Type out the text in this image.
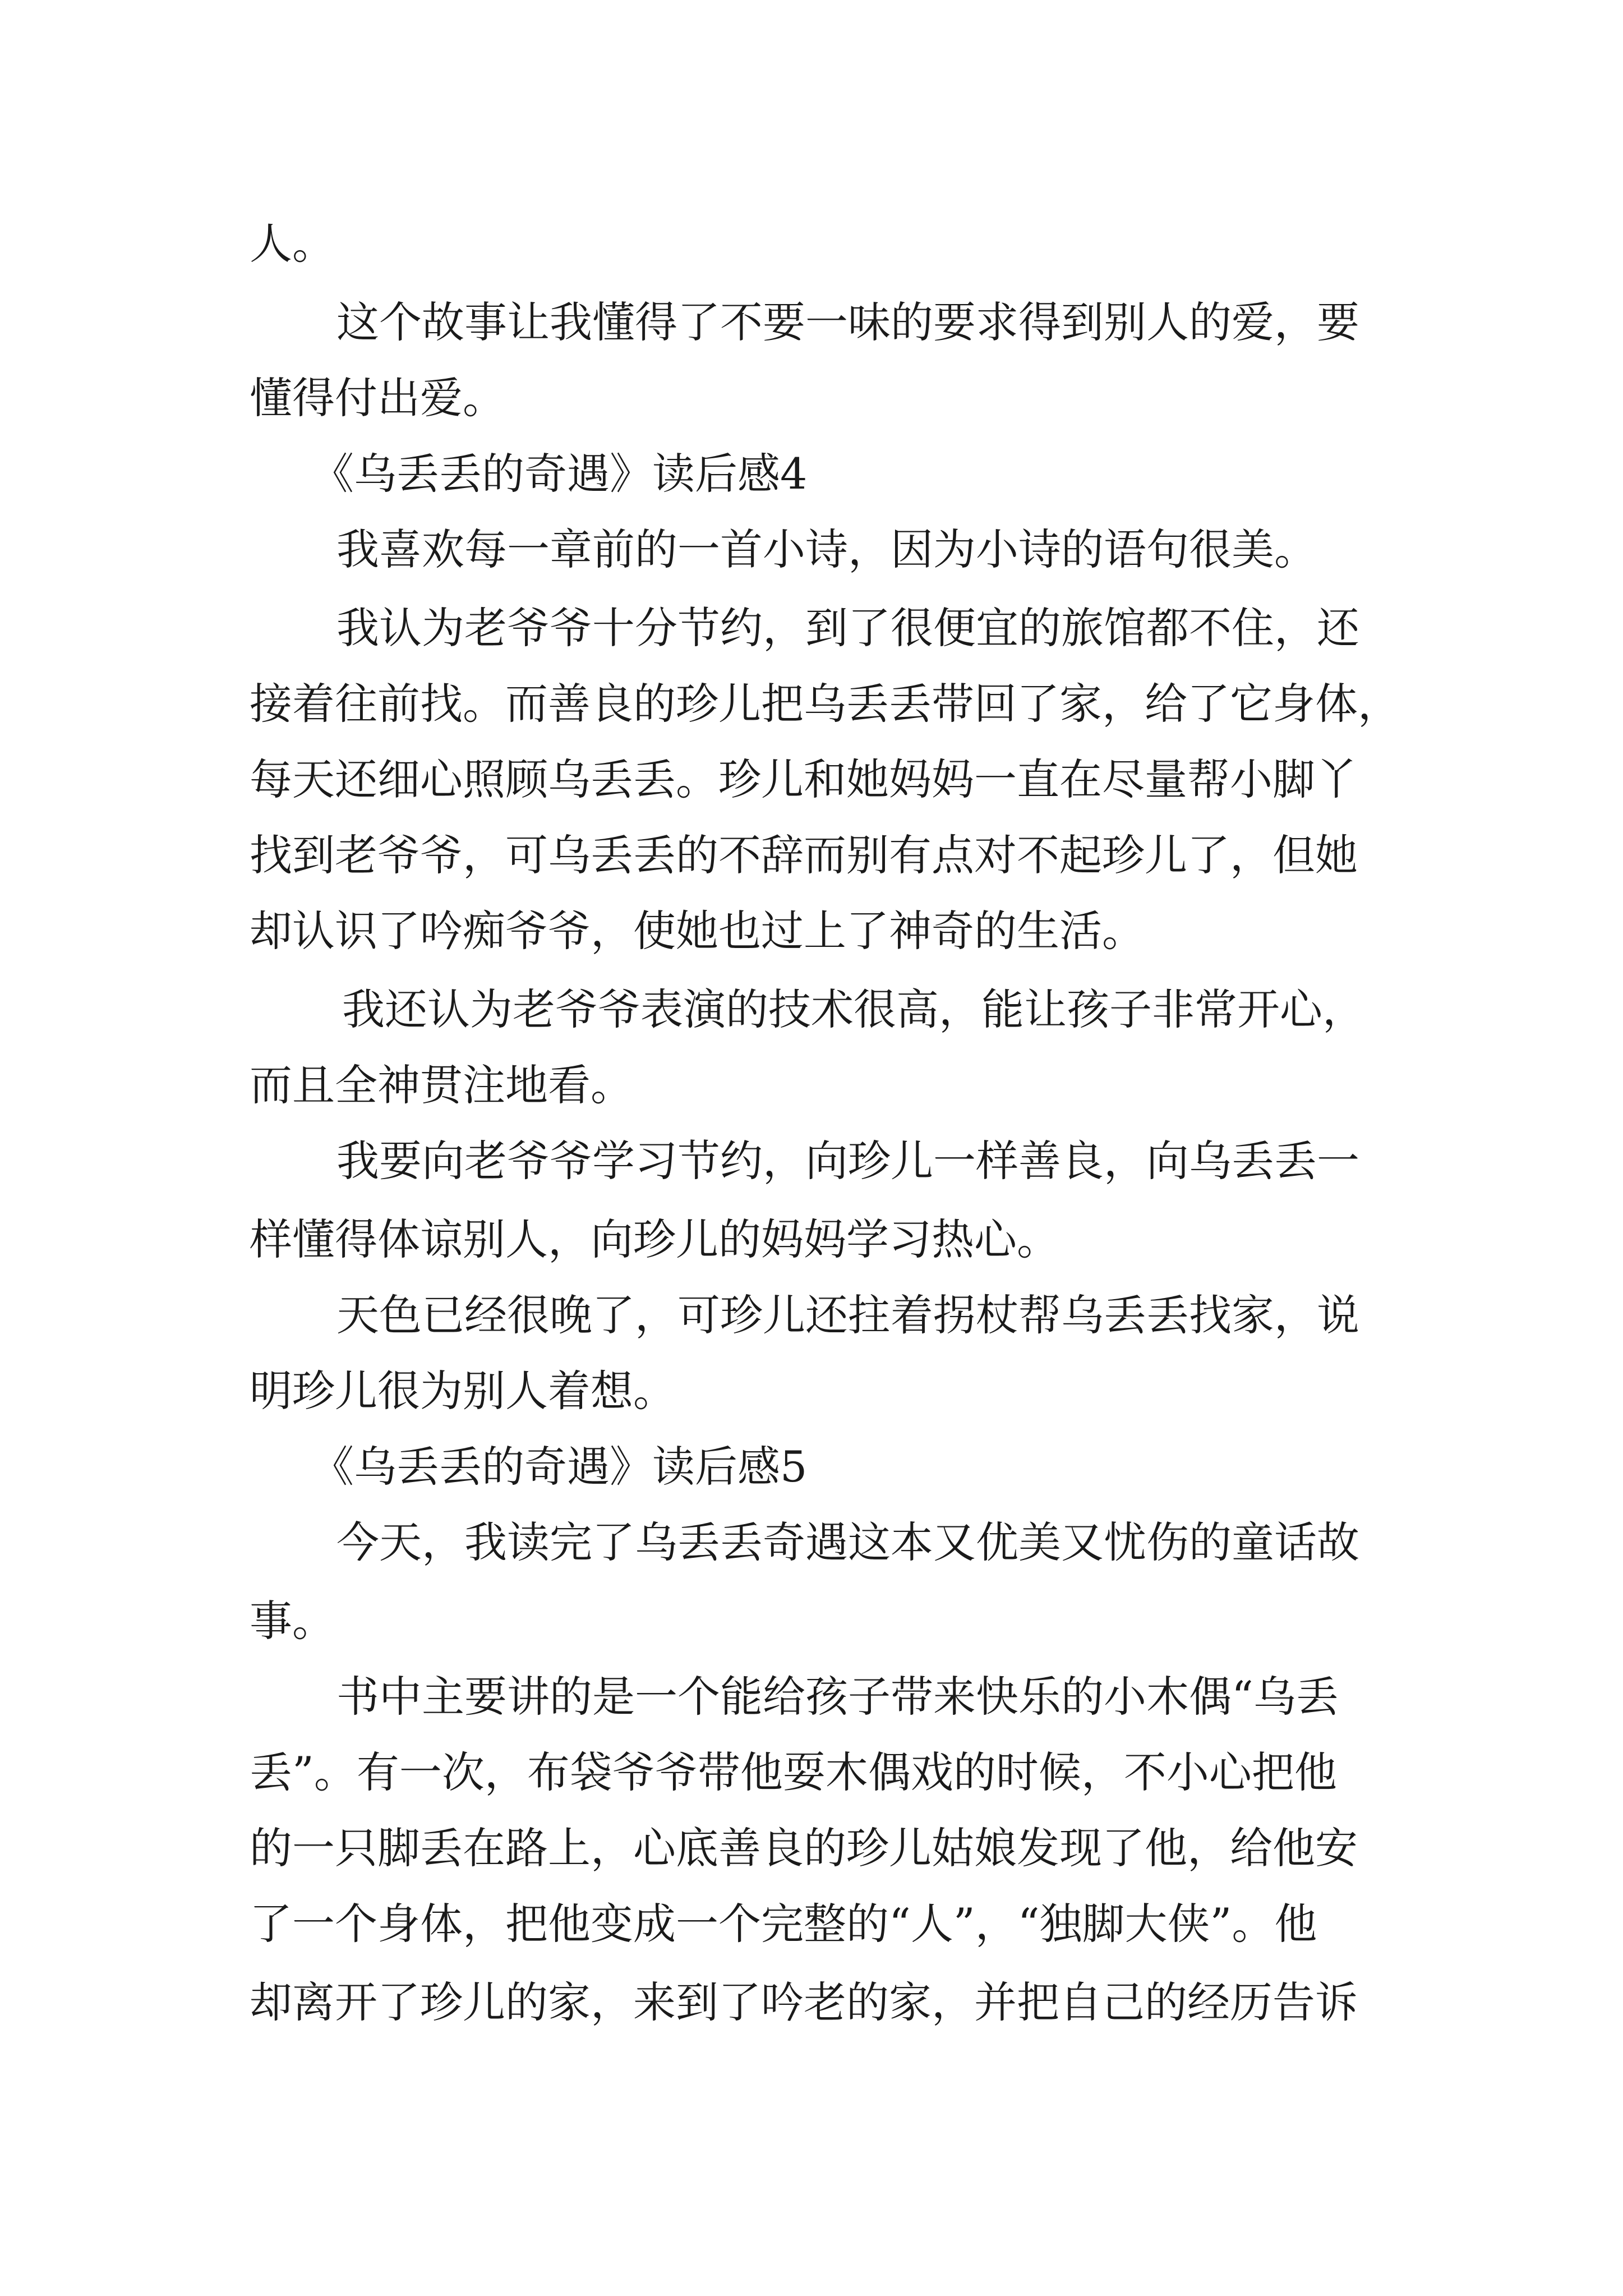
人。

这个故事让我懂得了不要一味的要求得到别人的爱，要

懂得付出爱。

《乌丢丢的奇遇》读后感4

我喜欢每一章前的一首小诗，因为小诗的语句很美。

我认为老爷爷十分节约，到了很便宜的旅馆都不住，还

接着往前找。而善良的珍儿把乌丢丢带回了家，给了它身体，

每天还细心照顾乌丢丢。珍儿和她妈妈一直在尽量帮小脚丫

找到老爷爷，可乌丢丢的不辞而别有点对不起珍儿了，但她

却认识了吟痴爷爷，使她也过上了神奇的生活。

我还认为老爷爷表演的技术很高，能让孩子非常开心，

而且全神贯注地看。

我要向老爷爷学习节约，向珍儿一样善良，向乌丢丢一

样懂得体谅别人，向珍儿的妈妈学习热心。

天色已经很晚了，可珍儿还拄着拐杖帮乌丢丢找家，说

明珍儿很为别人着想。

《乌丢丢的奇遇》读后感5

今天，我读完了乌丢丢奇遇这本又优美又忧伤的童话故

事。

书中主要讲的是一个能给孩子带来快乐的小木偶“乌丢

丢”。有一次，布袋爷爷带他耍木偶戏的时候，不小心把他

的一只脚丢在路上，心底善良的珍儿姑娘发现了他，给他安

了一个身体，把他变成一个完整的“人”，“独脚大侠”。他

却离开了珍儿的家，来到了吟老的家，并把自己的经历告诉
